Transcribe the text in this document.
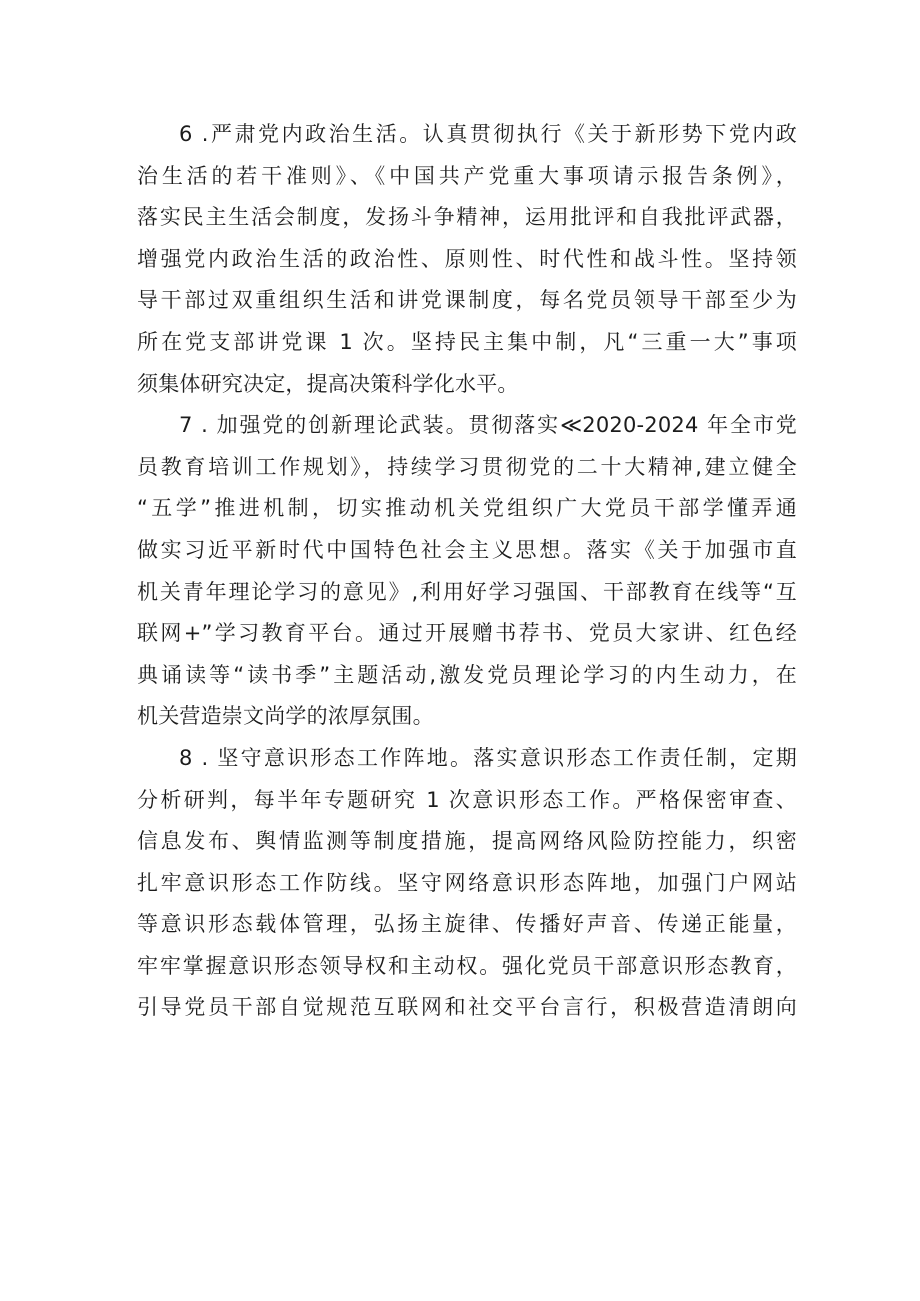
6 .严肃党内政治生活。认真贯彻执行《关于新形势下党内政
治生活的若干准则》、《中国共产党重大事项请示报告条例》，
落实民主生活会制度，发扬斗争精神，运用批评和自我批评武器，
增强党内政治生活的政治性、原则性、时代性和战斗性。坚持领
导干部过双重组织生活和讲党课制度，每名党员领导干部至少为
所在党支部讲党课 1 次。坚持民主集中制，凡“三重一大”事项
须集体研究决定，提高决策科学化水平。
7 . 加强党的创新理论武装。贯彻落实≪2020-2024 年全市党
员教育培训工作规划》，持续学习贯彻党的二十大精神,建立健全
“五学”推进机制，切实推动机关党组织广大党员干部学懂弄通
做实习近平新时代中国特色社会主义思想。落实《关于加强市直
机关青年理论学习的意见》,利用好学习强国、干部教育在线等“互
联网+”学习教育平台。通过开展赠书荐书、党员大家讲、红色经
典诵读等“读书季”主题活动,激发党员理论学习的内生动力，在
机关营造崇文尚学的浓厚氛围。
8 . 坚守意识形态工作阵地。落实意识形态工作责任制，定期
分析研判，每半年专题研究 1 次意识形态工作。严格保密审查、
信息发布、舆情监测等制度措施，提高网络风险防控能力，织密
扎牢意识形态工作防线。坚守网络意识形态阵地，加强门户网站
等意识形态载体管理，弘扬主旋律、传播好声音、传递正能量，
牢牢掌握意识形态领导权和主动权。强化党员干部意识形态教育，
引导党员干部自觉规范互联网和社交平台言行，积极营造清朗向
